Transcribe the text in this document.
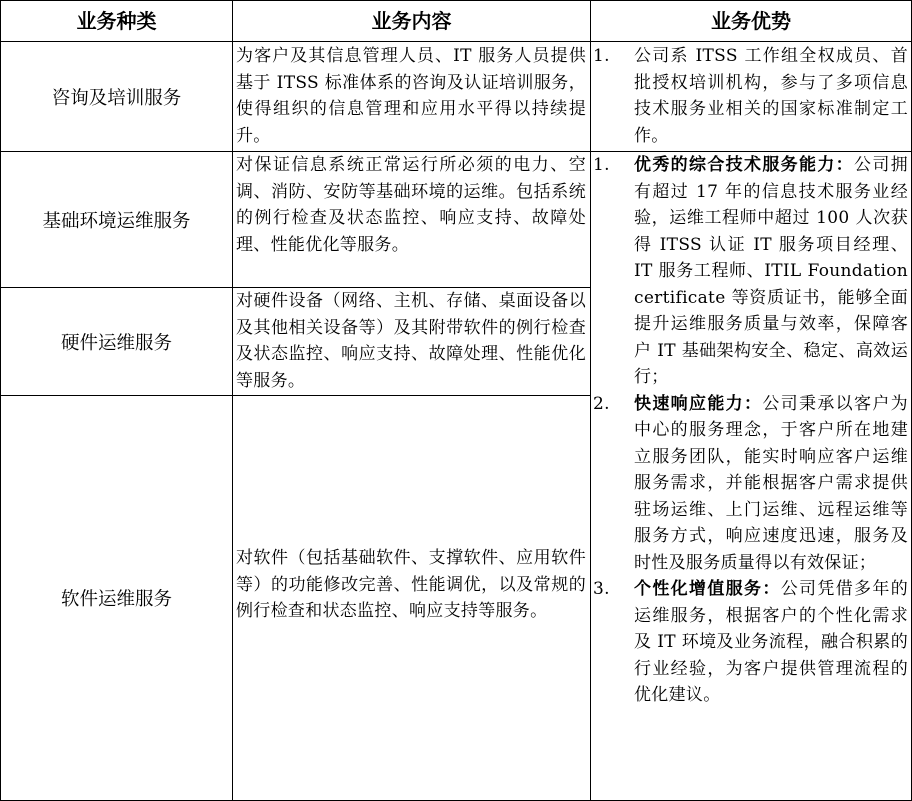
业务种类	业务内容	业务优势
咨询及培训服务
基础环境运维服务
硬件运维服务
软件运维服务
为客户及其信息管理人员、IT 服务人员提供基于 ITSS 标准体系的咨询及认证培训服务，使得组织的信息管理和应用水平得以持续提升。
对保证信息系统正常运行所必须的电力、空调、消防、安防等基础环境的运维。包括系统的例行检查及状态监控、响应支持、故障处理、性能优化等服务。
对硬件设备（网络、主机、存储、桌面设备以及其他相关设备等）及其附带软件的例行检查及状态监控、响应支持、故障处理、性能优化等服务。
对软件（包括基础软件、支撑软件、应用软件等）的功能修改完善、性能调优，以及常规的例行检查和状态监控、响应支持等服务。
1. 公司系 ITSS 工作组全权成员、首批授权培训机构，参与了多项信息技术服务业相关的国家标准制定工作。
1. 优秀的综合技术服务能力：公司拥有超过 17 年的信息技术服务业经验，运维工程师中超过 100 人次获得 ITSS 认证 IT 服务项目经理、IT 服务工程师、ITIL Foundation certificate 等资质证书，能够全面提升运维服务质量与效率，保障客户 IT 基础架构安全、稳定、高效运行；
2. 快速响应能力：公司秉承以客户为中心的服务理念，于客户所在地建立服务团队，能实时响应客户运维服务需求，并能根据客户需求提供驻场运维、上门运维、远程运维等服务方式，响应速度迅速，服务及时性及服务质量得以有效保证；
3. 个性化增值服务：公司凭借多年的运维服务，根据客户的个性化需求及 IT 环境及业务流程，融合积累的行业经验，为客户提供管理流程的优化建议。
